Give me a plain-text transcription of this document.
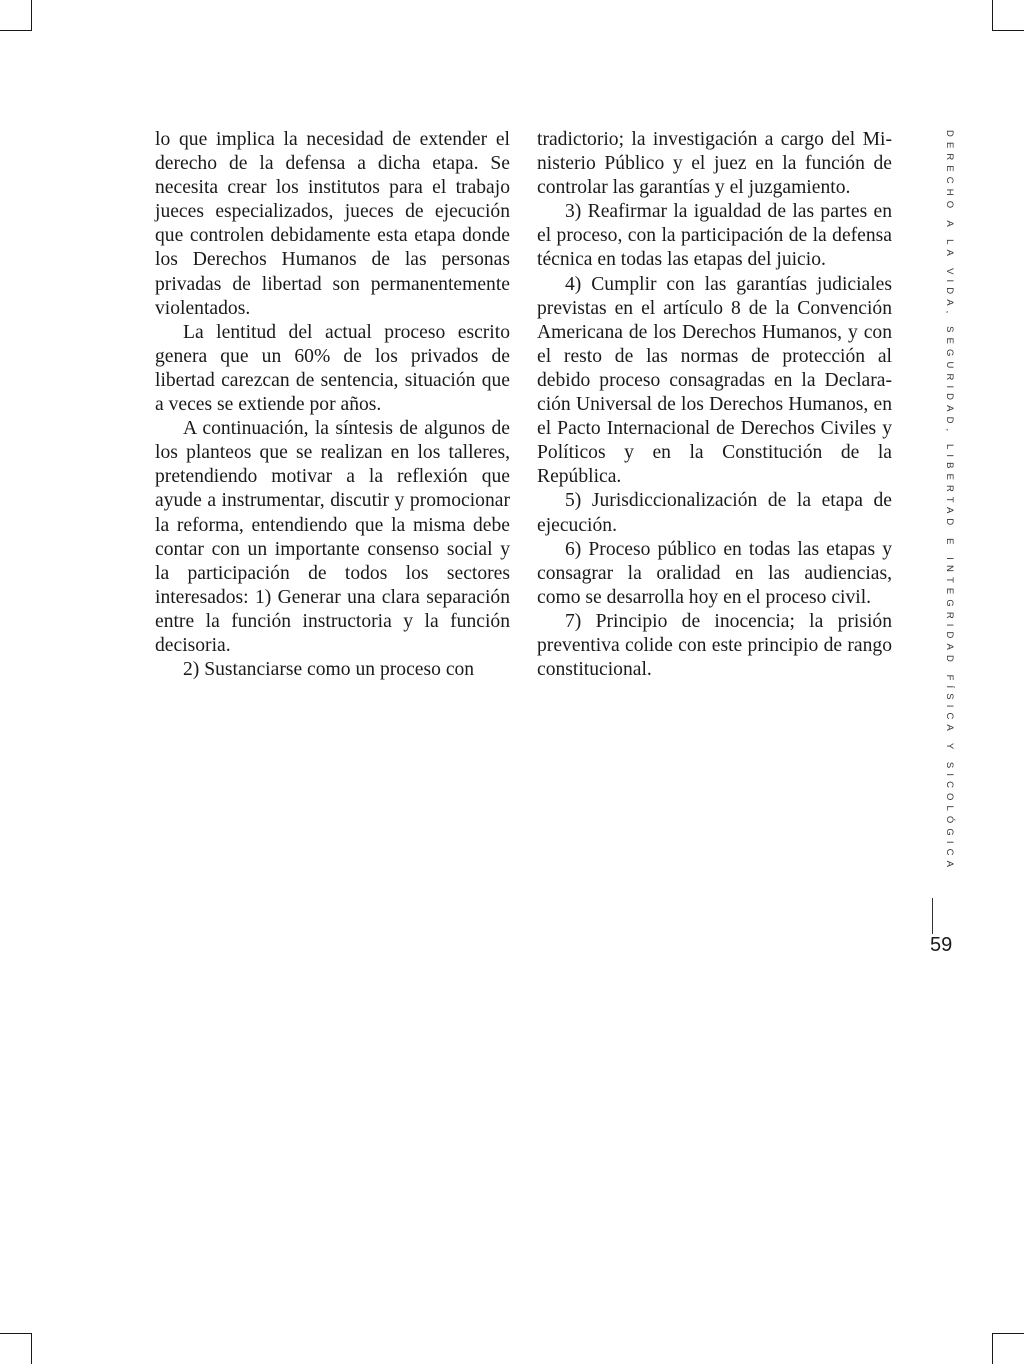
lo que implica la necesidad de extender el derecho de la defensa a dicha etapa. Se necesita crear los institutos para el trabajo jueces especializados, jueces de ejecución que controlen debidamente esta etapa donde los Derechos Humanos de las personas privadas de libertad son permanentemente violentados.

La lentitud del actual proceso escrito genera que un 60% de los privados de libertad carezcan de sentencia, situación que a veces se extiende por años.

A continuación, la síntesis de algunos de los planteos que se realizan en los talleres, pretendiendo motivar a la reflexión que ayude a instrumentar, discutir y promocionar la reforma, entendiendo que la misma debe contar con un importante consenso social y la participación de todos los sectores interesados: 1) Generar una clara separación entre la función instructoria y la función decisoria.

2) Sustanciarse como un proceso con

tradictorio; la investigación a cargo del Ministerio Público y el juez en la función de controlar las garantías y el juzgamiento.

3) Reafirmar la igualdad de las partes en el proceso, con la participación de la defensa técnica en todas las etapas del juicio.

4) Cumplir con las garantías judiciales previstas en el artículo 8 de la Convención Americana de los Derechos Humanos, y con el resto de las normas de protección al debido proceso consagradas en la Declaración Universal de los Derechos Humanos, en el Pacto Internacional de Derechos Civiles y Políticos y en la Constitución de la República.

5) Jurisdiccionalización de la etapa de ejecución.

6) Proceso público en todas las etapas y consagrar la oralidad en las audiencias, como se desarrolla hoy en el proceso civil.

7) Principio de inocencia; la prisión preventiva colide con este principio de rango constitucional.	DERECHO A LA VIDA, SEGURIDAD, LIBERTAD E INTEGRIDAD FÍSICA Y SICOLÓGICA
59
